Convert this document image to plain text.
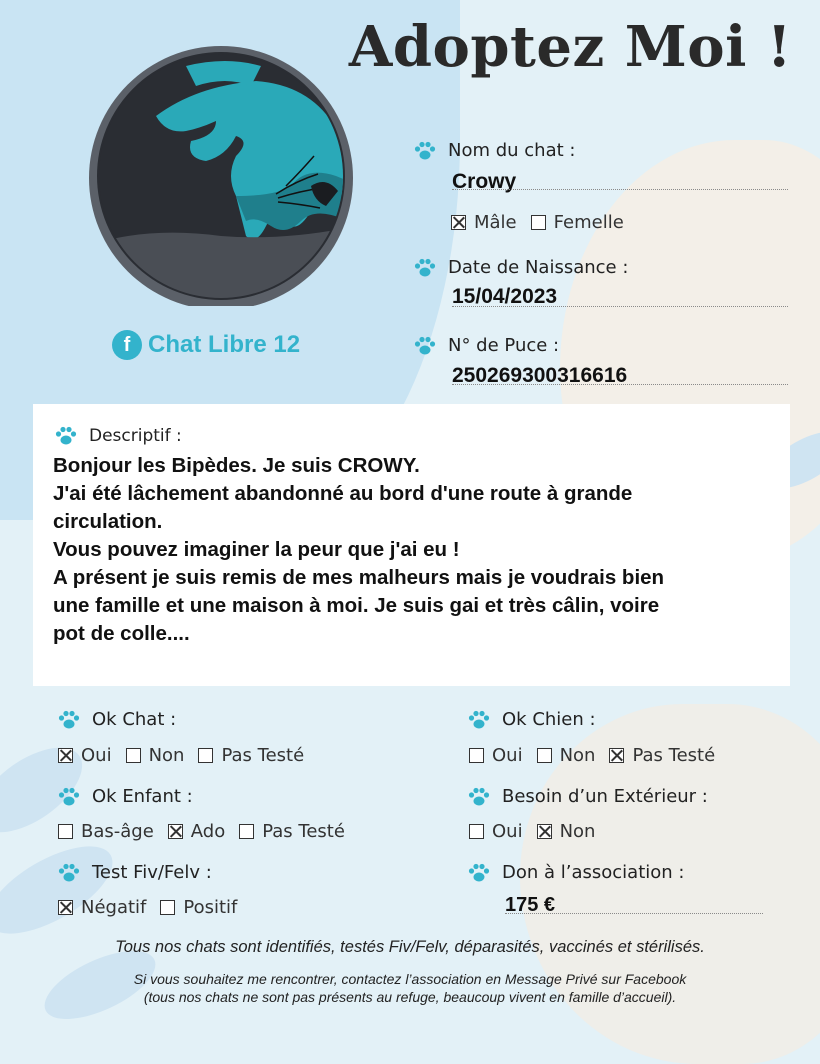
Adoptez Moi !
f Chat Libre 12
Nom du chat :
Crowy
Mâle Femelle
Date de Naissance :
15/04/2023
N° de Puce :
250269300316616
Descriptif :
Bonjour les Bipèdes. Je suis CROWY.
J'ai été lâchement abandonné au bord d'une route à grande
circulation.
Vous pouvez imaginer la peur que j'ai eu !
A présent je suis remis de mes malheurs mais je voudrais bien
une famille et une maison à moi. Je suis gai et très câlin, voire
pot de colle....
Ok Chat :
Oui Non Pas Testé
Ok Chien :
Oui Non Pas Testé
Ok Enfant :
Bas-âge Ado Pas Testé
Besoin d’un Extérieur :
Oui Non
Test Fiv/Felv :
Négatif Positif
Don à l’association :
175 €
Tous nos chats sont identifiés, testés Fiv/Felv, déparasités, vaccinés et stérilisés.
Si vous souhaitez me rencontrer, contactez l’association en Message Privé sur Facebook
(tous nos chats ne sont pas présents au refuge, beaucoup vivent en famille d’accueil).
